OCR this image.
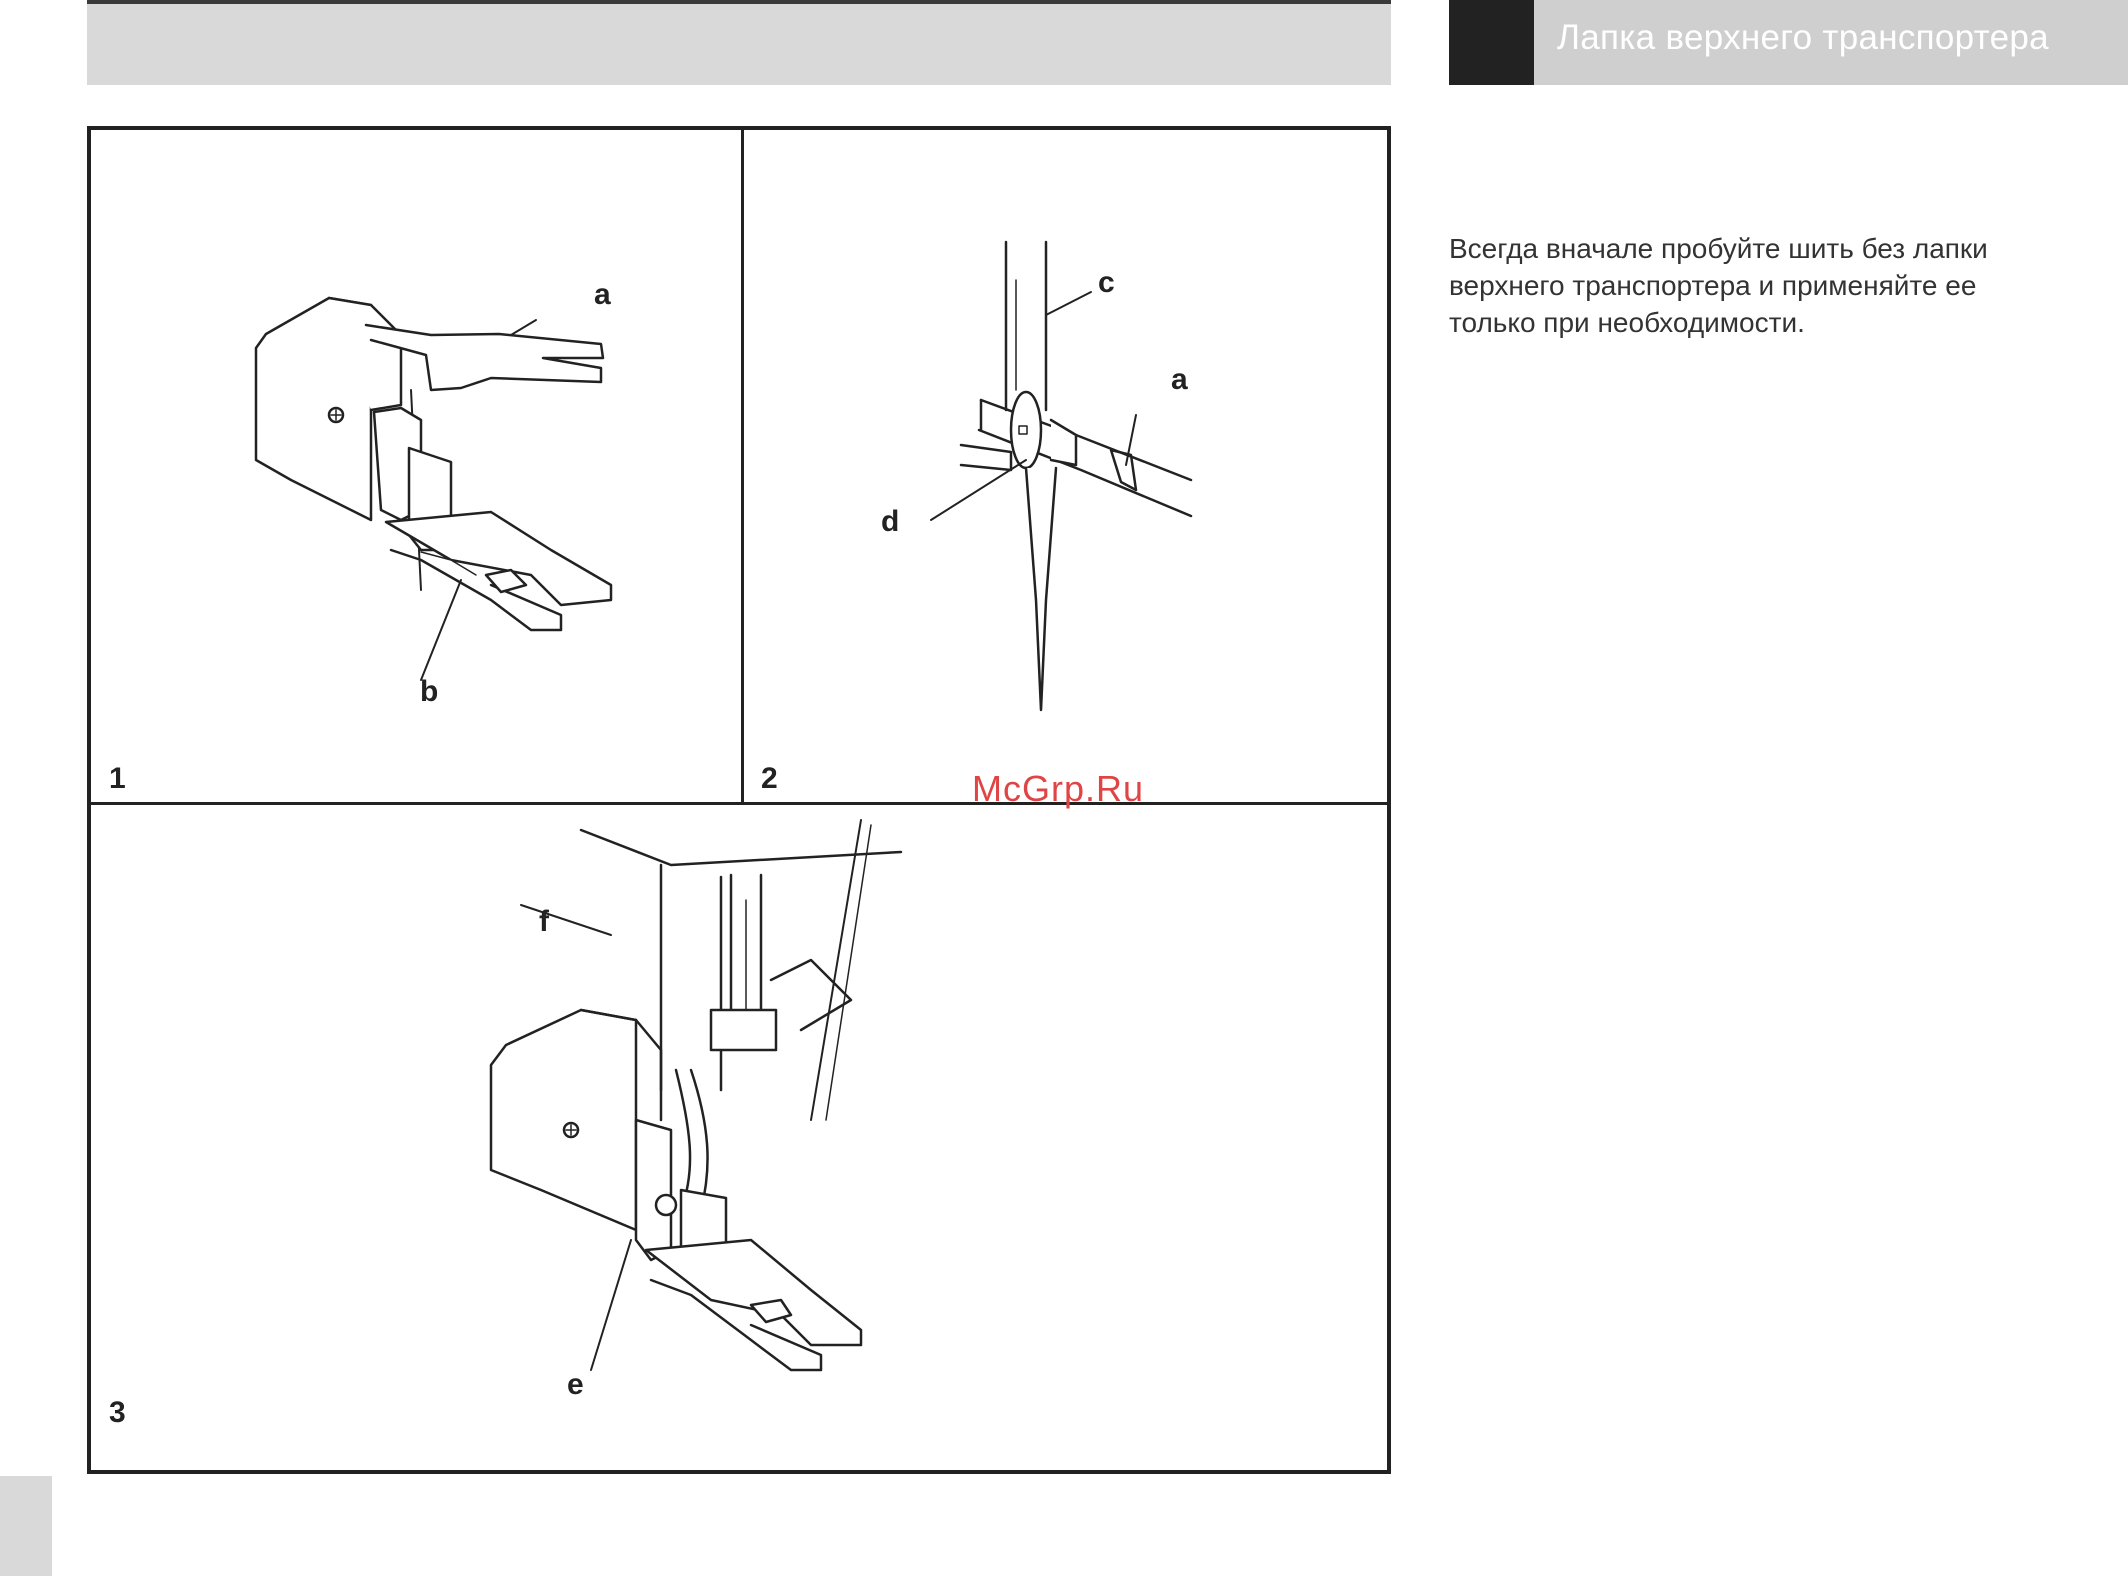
Лапка верхнего транспортера
Всегда вначале пробуйте шить без лапки
верхнего транспортера и применяйте ее
только при необходимости.
1	2
3
a
b
c
a
d
f
e
McGrp.Ru
